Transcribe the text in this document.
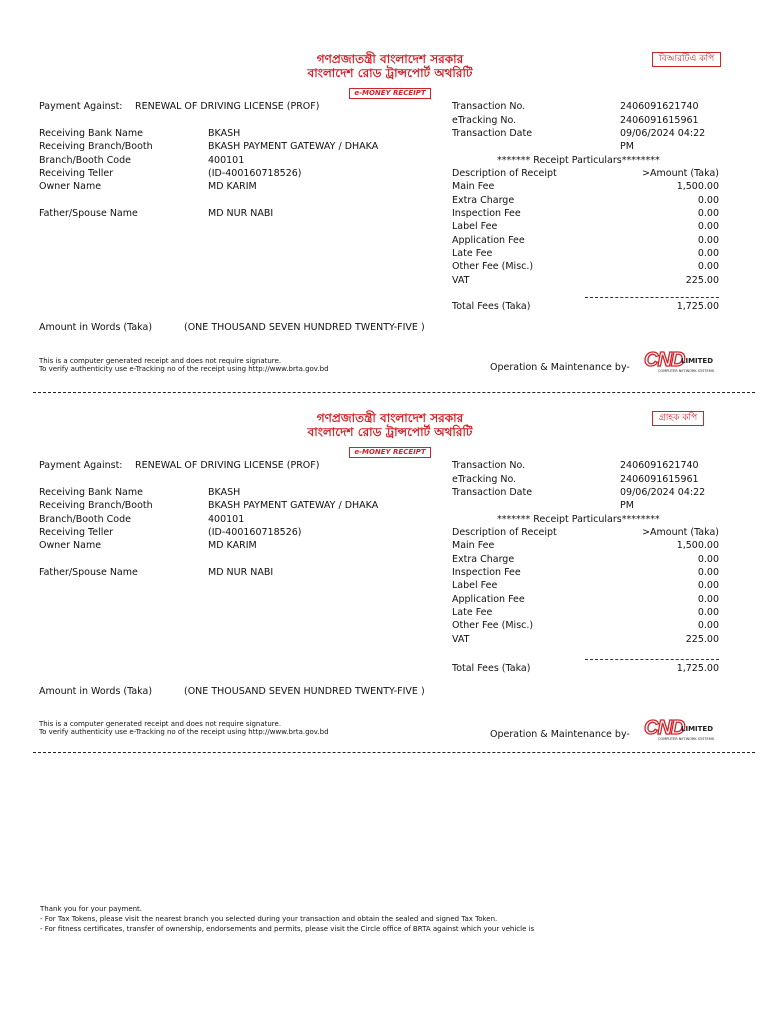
গণপ্রজাতন্ত্রী বাংলাদেশ সরকার
বাংলাদেশ রোড ট্রান্সপোর্ট অথরিটি
e-MONEY RECEIPT
বিআরটিএ কপি
Payment Against: RENEWAL OF DRIVING LICENSE (PROF)
Receiving Bank Name	BKASH
Receiving Branch/Booth	BKASH PAYMENT GATEWAY / DHAKA
Branch/Booth Code	400101
Receiving Teller	(ID-400160718526)
Owner Name	MD KARIM
Father/Spouse Name	MD NUR NABI
Transaction No.	2406091621740
eTracking No.	2406091615961
Transaction Date	09/06/2024 04:22
PM
******* Receipt Particulars********
Description of Receipt	>Amount (Taka)
Main Fee	1,500.00
Extra Charge	0.00
Inspection Fee	0.00
Label Fee	0.00
Application Fee	0.00
Late Fee	0.00
Other Fee (Misc.)	0.00
VAT	225.00
Total Fees (Taka)	1,725.00
Amount in Words (Taka)	(ONE THOUSAND SEVEN HUNDRED TWENTY-FIVE )
This is a computer generated receipt and does not require signature.
To verify authenticity use e-Tracking no of the receipt using http://www.brta.gov.bd	Operation & Maintenance by- CND
LIMITED
COMPUTER NETWORK SYSTEMS
গণপ্রজাতন্ত্রী বাংলাদেশ সরকার
বাংলাদেশ রোড ট্রান্সপোর্ট অথরিটি
e-MONEY RECEIPT
গ্রাহক কপি
Payment Against: RENEWAL OF DRIVING LICENSE (PROF)
Receiving Bank Name	BKASH
Receiving Branch/Booth	BKASH PAYMENT GATEWAY / DHAKA
Branch/Booth Code	400101
Receiving Teller	(ID-400160718526)
Owner Name	MD KARIM
Father/Spouse Name	MD NUR NABI
Transaction No.	2406091621740
eTracking No.	2406091615961
Transaction Date	09/06/2024 04:22
PM
******* Receipt Particulars********
Description of Receipt	>Amount (Taka)
Main Fee	1,500.00
Extra Charge	0.00
Inspection Fee	0.00
Label Fee	0.00
Application Fee	0.00
Late Fee	0.00
Other Fee (Misc.)	0.00
VAT	225.00
Total Fees (Taka)	1,725.00
Amount in Words (Taka)	(ONE THOUSAND SEVEN HUNDRED TWENTY-FIVE )
This is a computer generated receipt and does not require signature.
To verify authenticity use e-Tracking no of the receipt using http://www.brta.gov.bd	Operation & Maintenance by- CND
LIMITED
COMPUTER NETWORK SYSTEMS
Thank you for your payment.
- For Tax Tokens, please visit the nearest branch you selected during your transaction and obtain the sealed and signed Tax Token.
- For fitness certificates, transfer of ownership, endorsements and permits, please visit the Circle office of BRTA against which your vehicle is
